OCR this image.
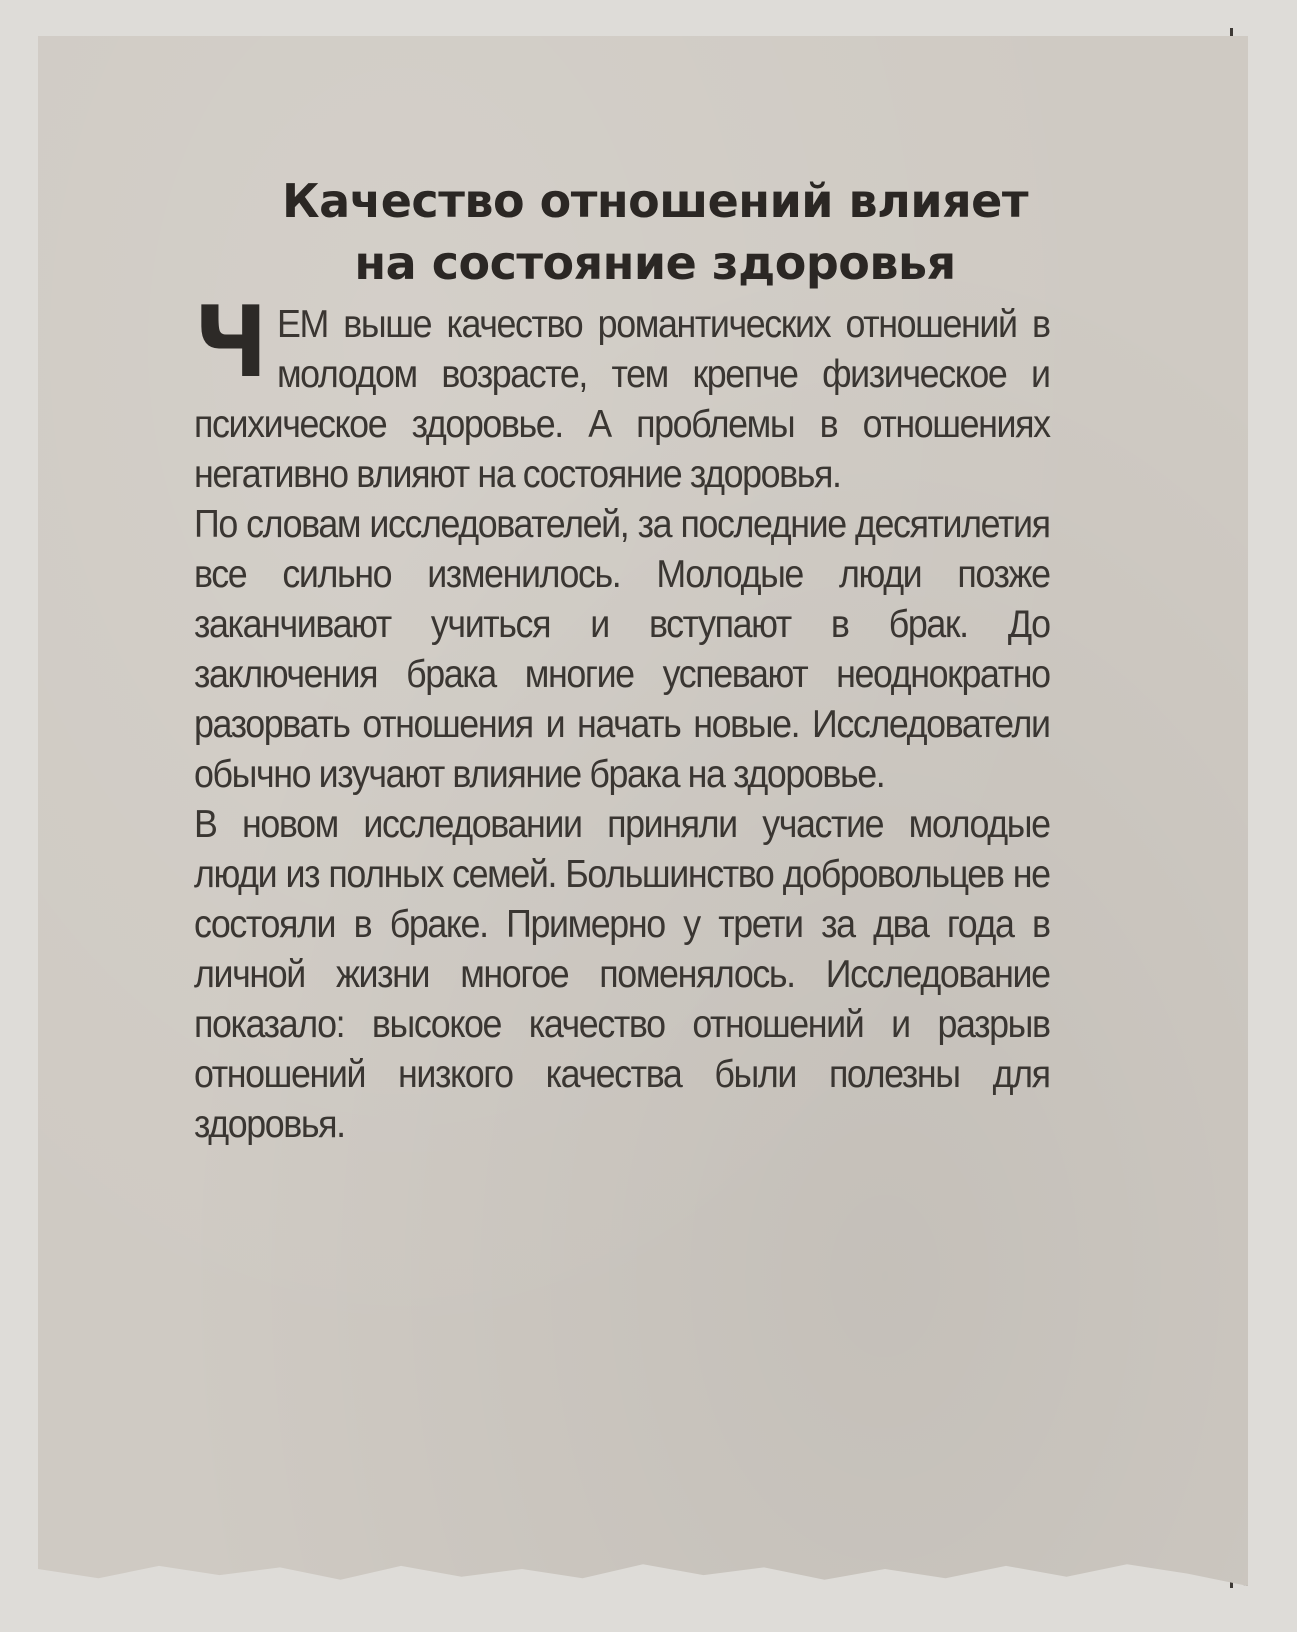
Качество отношений влияет
на состояние здоровья

ЧЕМ выше качество романтических отношений в молодом возрасте, тем крепче физическое и психическое здоровье. А проблемы в отношениях негативно влияют на состояние здоровья.

По словам исследователей, за последние десятилетия все сильно изменилось. Молодые люди позже заканчивают учиться и вступают в брак. До заключения брака многие успевают неоднократно разорвать отношения и начать новые. Исследователи обычно изучают влияние брака на здоровье.

В новом исследовании приняли участие молодые люди из полных семей. Большинство добровольцев не состояли в браке. Примерно у трети за два года в личной жизни многое поменялось. Исследование показало: высокое качество отношений и разрыв отношений низкого качества были полезны для здоровья.
